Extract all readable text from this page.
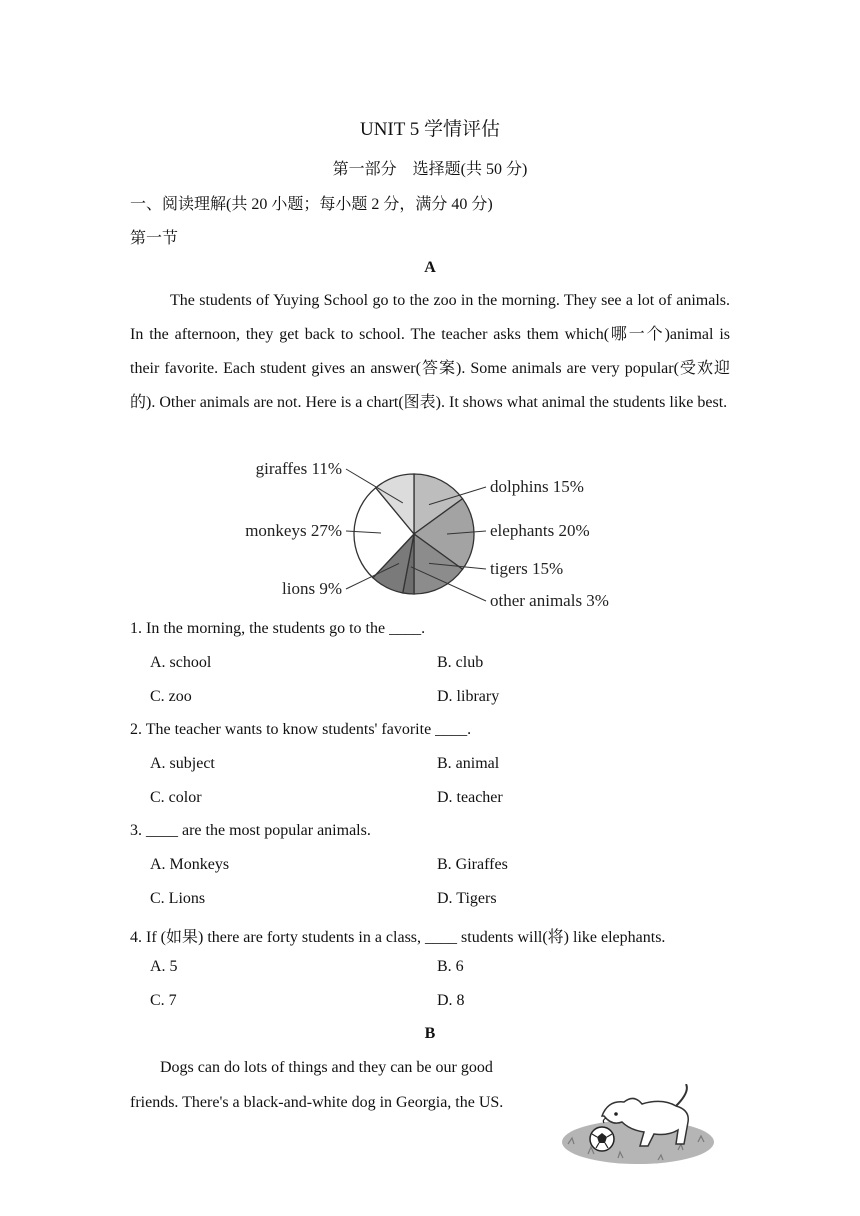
UNIT 5 学情评估
第一部分　选择题(共 50 分)
一、阅读理解(共 20 小题；每小题 2 分，满分 40 分)
第一节
A
The students of Yuying School go to the zoo in the morning. They see a lot of animals. In the afternoon, they get back to school. The teacher asks them which(哪一个)animal is their favorite. Each student gives an answer(答案). Some animals are very popular(受欢迎的). Other animals are not. Here is a chart(图表). It shows what animal the students like best.
dolphins 15%
elephants 20%
tigers 15%
other animals 3%
lions 9%
monkeys 27%
giraffes 11%
1. In the morning, the students go to the ____.
A. school	B. club
C. zoo	D. library
2. The teacher wants to know students' favorite ____.
A. subject	B. animal
C. color	D. teacher
3. ____ are the most popular animals.
A. Monkeys	B. Giraffes
C. Lions	D. Tigers
4. If (如果) there are forty students in a class, ____ students will(将) like elephants.
A. 5	B. 6
C. 7	D. 8
B
Dogs can do lots of things and they can be our good
friends. There's a black-and-white dog in Georgia, the US.
